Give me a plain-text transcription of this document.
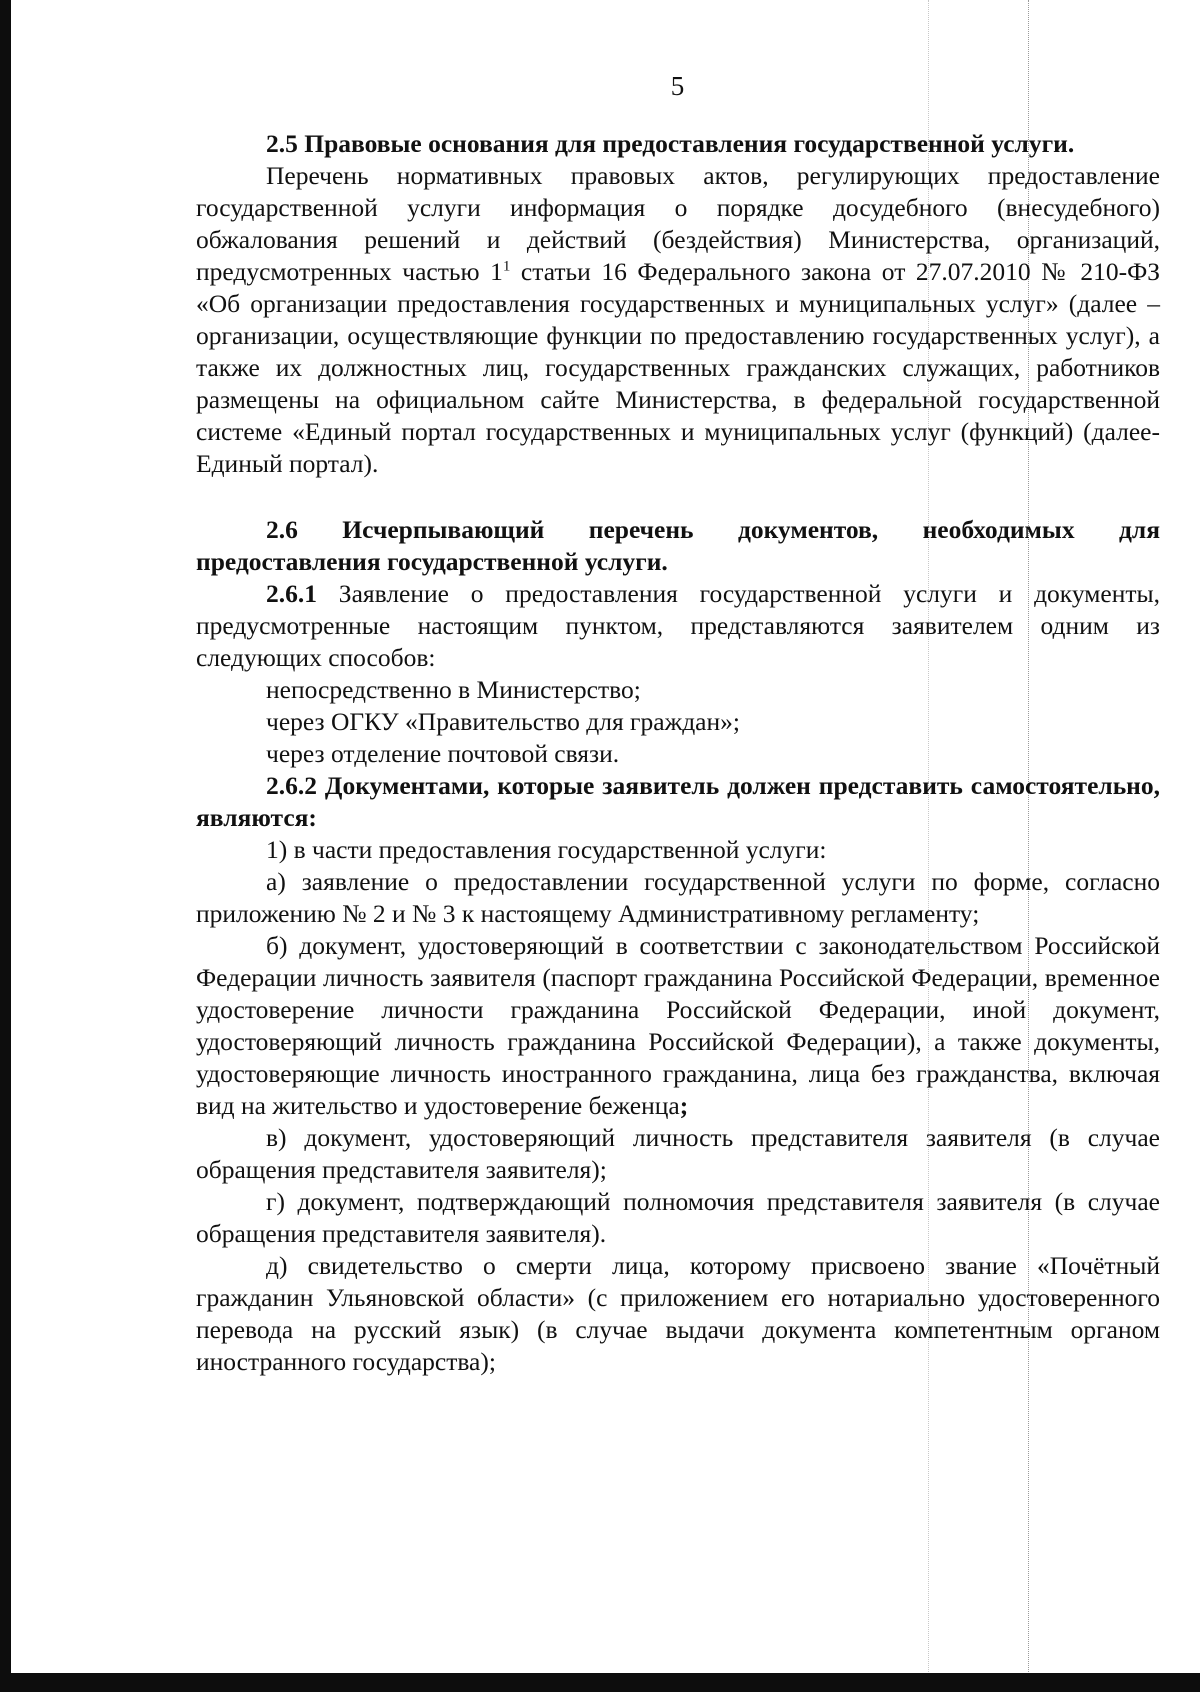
5

2.5 Правовые основания для предоставления государственной услуги.

Перечень нормативных правовых актов, регулирующих предоставление государственной услуги информация о порядке досудебного (внесудебного) обжалования решений и действий (бездействия) Министерства, организаций, предусмотренных частью $1^1$ статьи 16 Федерального закона от 27.07.2010 № 210-ФЗ «Об организации предоставления государственных и муниципальных услуг» (далее – организации, осуществляющие функции по предоставлению государственных услуг), а также их должностных лиц, государственных гражданских служащих, работников размещены на официальном сайте Министерства, в федеральной государственной системе «Единый портал государственных и муниципальных услуг (функций) (далее-Единый портал).

2.6 Исчерпывающий перечень документов, необходимых для предоставления государственной услуги.

2.6.1 Заявление о предоставления государственной услуги и документы, предусмотренные настоящим пунктом, представляются заявителем одним из следующих способов:

непосредственно в Министерство;

через ОГКУ «Правительство для граждан»;

через отделение почтовой связи.

2.6.2 Документами, которые заявитель должен представить самостоятельно, являются:

1) в части предоставления государственной услуги:

а) заявление о предоставлении государственной услуги по форме, согласно приложению № 2 и № 3 к настоящему Административному регламенту;

б) документ, удостоверяющий в соответствии с законодательством Российской Федерации личность заявителя (паспорт гражданина Российской Федерации, временное удостоверение личности гражданина Российской Федерации, иной документ, удостоверяющий личность гражданина Российской Федерации), а также документы, удостоверяющие личность иностранного гражданина, лица без гражданства, включая вид на жительство и удостоверение беженца;

в) документ, удостоверяющий личность представителя заявителя (в случае обращения представителя заявителя);

г) документ, подтверждающий полномочия представителя заявителя (в случае обращения представителя заявителя).

д) свидетельство о смерти лица, которому присвоено звание «Почётный гражданин Ульяновской области» (с приложением его нотариально удостоверенного перевода на русский язык) (в случае выдачи документа компетентным органом иностранного государства);
